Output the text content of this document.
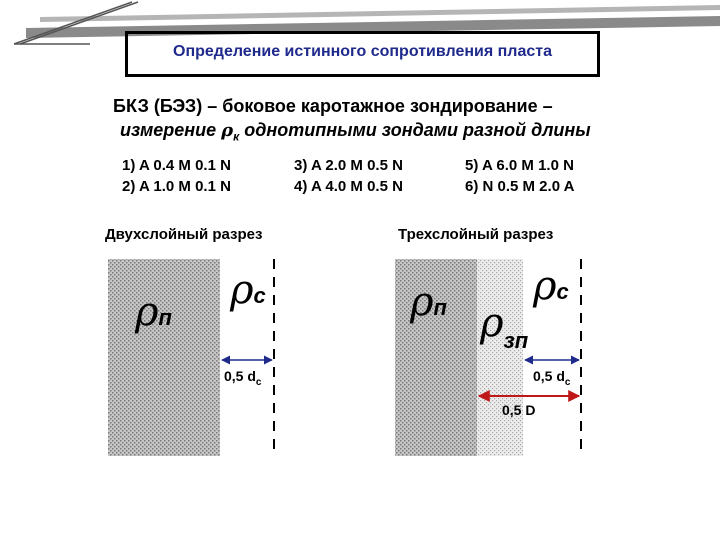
Определение истинного сопротивления пласта
БКЗ (БЭЗ) – боковое каротажное зондирование –
измерение $\rho_к$ однотипными зондами разной длины
1) A 0.4 M 0.1 N
2) A 1.0 M 0.1 N
3) A 2.0 M 0.5 N
4) A 4.0 M 0.5 N
5) A 6.0 M 1.0 N
6) N 0.5 M 2.0 A
Двухслойный разрез	Трехслойный разрез
ρп
ρc
0,5 $d_c$
ρп ρзп
ρc
0,5 $d_c$
0,5 D
